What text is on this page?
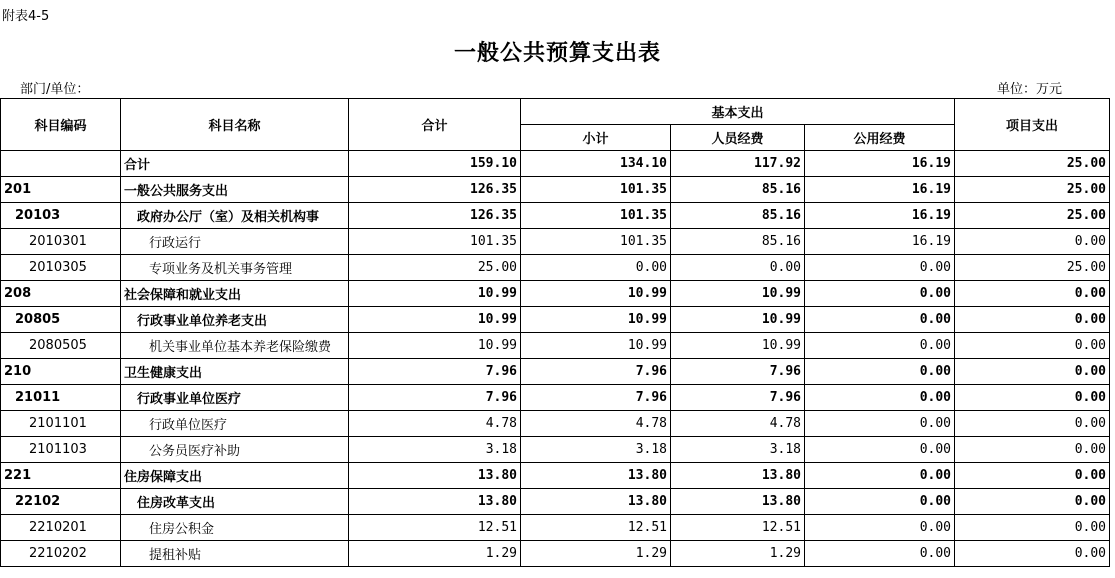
附表4-5
一般公共预算支出表
部门/单位：	单位：万元
科目编码	科目名称	合计	基本支出			项目支出
			小计	人员经费	公用经费	
	合计	159.10	134.10	117.92	16.19	25.00
201	一般公共服务支出	126.35	101.35	85.16	16.19	25.00
20103	政府办公厅（室）及相关机构事	126.35	101.35	85.16	16.19	25.00
2010301	行政运行	101.35	101.35	85.16	16.19	0.00
2010305	专项业务及机关事务管理	25.00	0.00	0.00	0.00	25.00
208	社会保障和就业支出	10.99	10.99	10.99	0.00	0.00
20805	行政事业单位养老支出	10.99	10.99	10.99	0.00	0.00
2080505	机关事业单位基本养老保险缴费	10.99	10.99	10.99	0.00	0.00
210	卫生健康支出	7.96	7.96	7.96	0.00	0.00
21011	行政事业单位医疗	7.96	7.96	7.96	0.00	0.00
2101101	行政单位医疗	4.78	4.78	4.78	0.00	0.00
2101103	公务员医疗补助	3.18	3.18	3.18	0.00	0.00
221	住房保障支出	13.80	13.80	13.80	0.00	0.00
22102	住房改革支出	13.80	13.80	13.80	0.00	0.00
2210201	住房公积金	12.51	12.51	12.51	0.00	0.00
2210202	提租补贴	1.29	1.29	1.29	0.00	0.00
